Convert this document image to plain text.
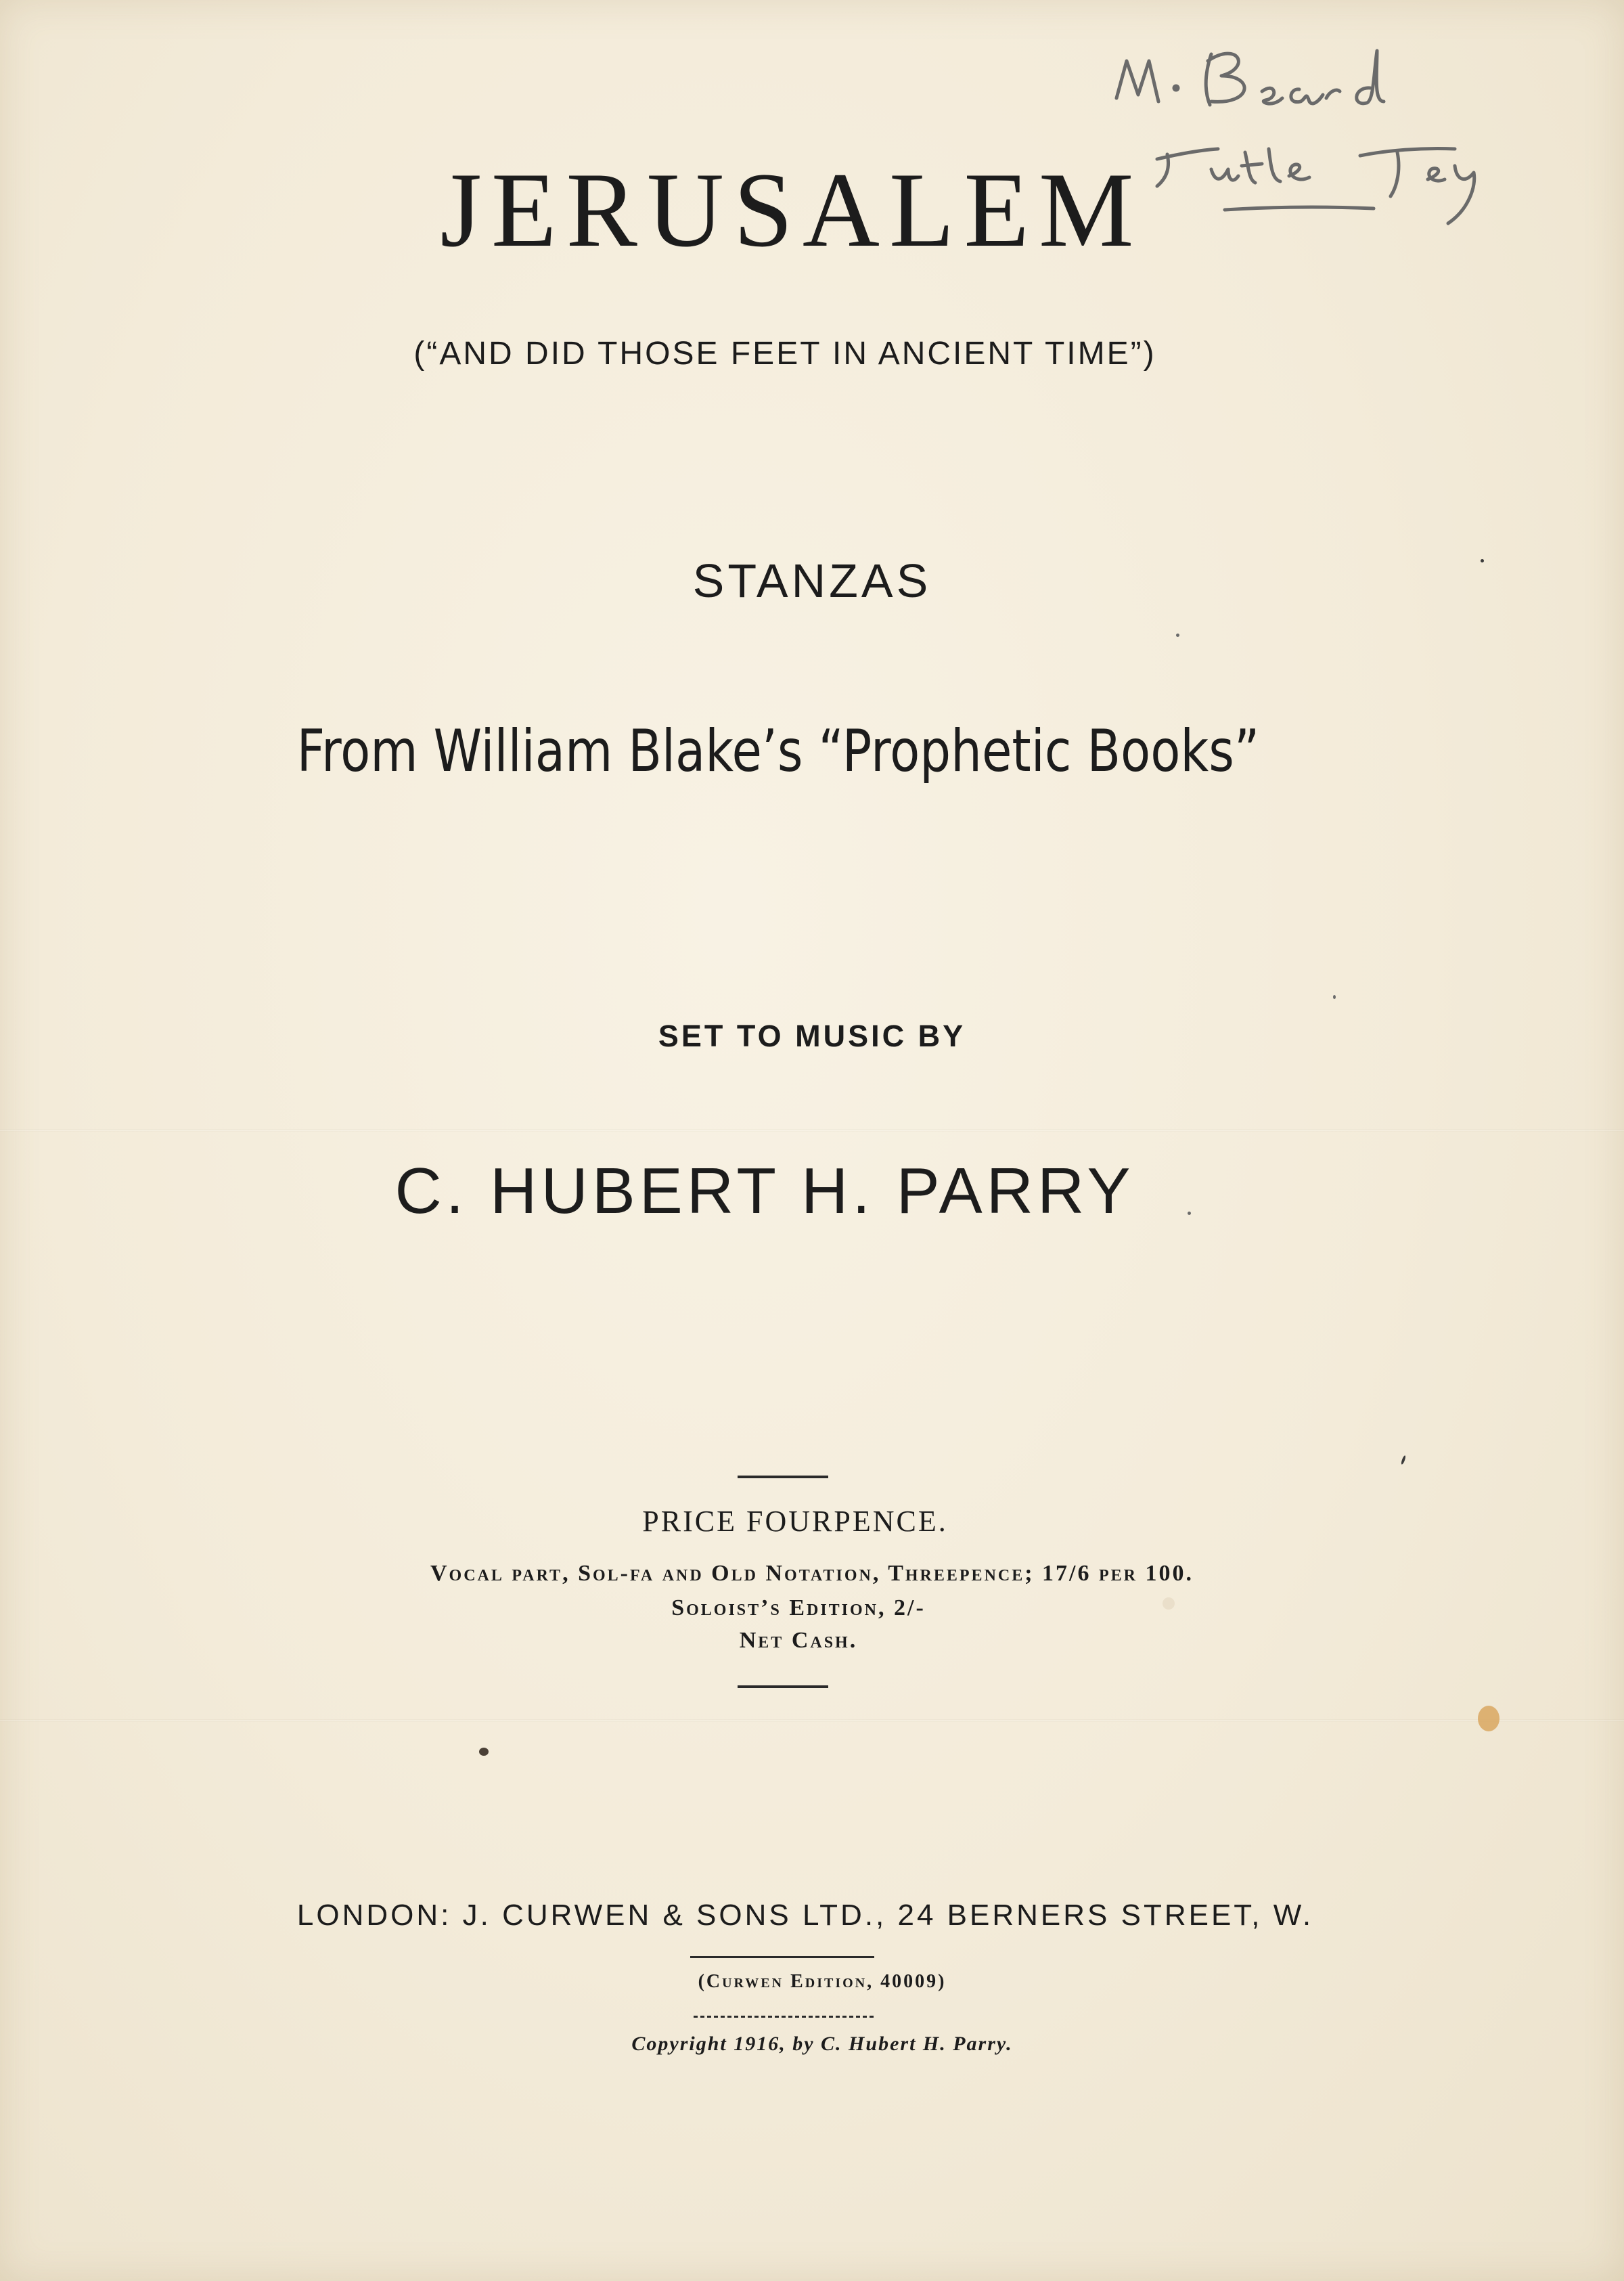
JERUSALEM
(“AND DID THOSE FEET IN ANCIENT TIME”)
STANZAS
From William Blake’s “Prophetic Books”
SET TO MUSIC BY
C. HUBERT H. PARRY
PRICE FOURPENCE.
Vocal part, Sol-fa and Old Notation, Threepence; 17/6 per 100.
Soloist’s Edition, 2/-
Net Cash.
LONDON: J. CURWEN & SONS LTD., 24 BERNERS STREET, W.
(Curwen Edition, 40009)
Copyright 1916, by C. Hubert H. Parry.
